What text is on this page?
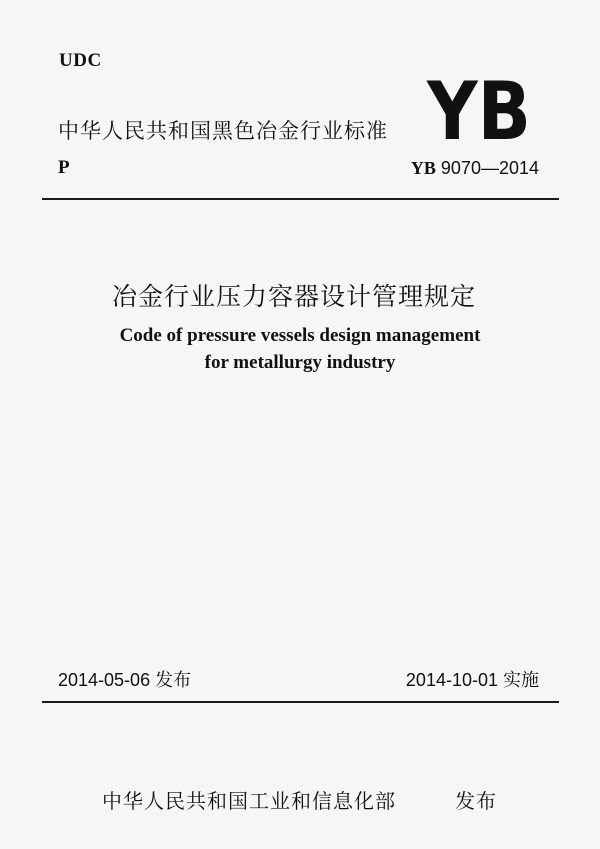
UDC
中华人民共和国黑色冶金行业标准 YB
P	YB 9070—2014
冶金行业压力容器设计管理规定
Code of pressure vessels design management
for metallurgy industry
2014-05-06 发布	2014-10-01 实施
中华人民共和国工业和信息化部	发布
